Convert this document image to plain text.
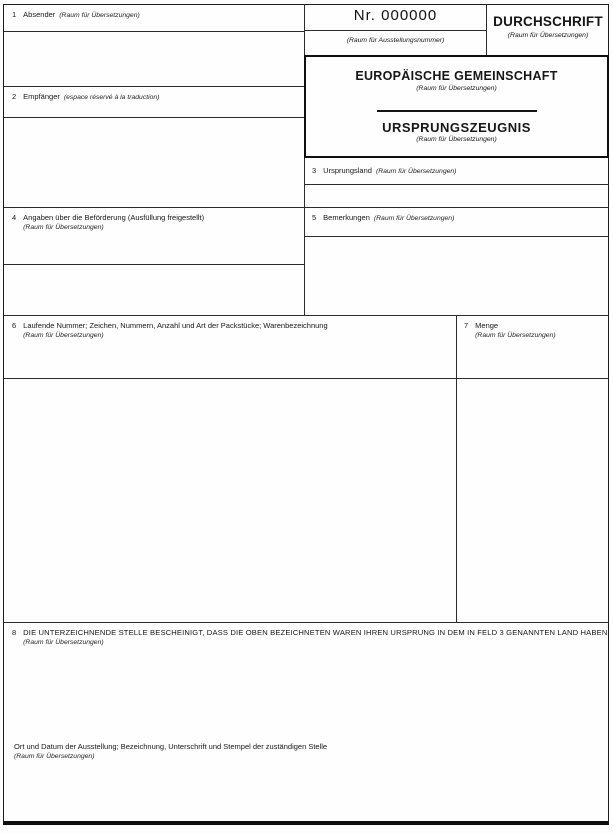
Nr. 000000
(Raum für Ausstellungsnummer)
DURCHSCHRIFT
(Raum für Übersetzungen)
EUROPÄISCHE GEMEINSCHAFT
(Raum für Übersetzungen)
URSPRUNGSZEUGNIS
(Raum für Übersetzungen)
1 Absender (Raum für Übersetzungen)
2 Empfänger (espace réservé à la traduction)
3 Ursprungsland (Raum für Übersetzungen)
4 Angaben über die Beförderung (Ausfüllung freigestellt)
(Raum für Übersetzungen)
5 Bemerkungen (Raum für Übersetzungen)
6 Laufende Nummer; Zeichen, Nummern, Anzahl und Art der Packstücke; Warenbezeichnung
(Raum für Übersetzungen)
7 Menge
(Raum für Übersetzungen)
8 DIE UNTERZEICHNENDE STELLE BESCHEINIGT, DASS DIE OBEN BEZEICHNETEN WAREN IHREN URSPRUNG IN DEM IN FELD 3 GENANNTEN LAND HABEN
(Raum für Übersetzungen)
Ort und Datum der Ausstellung; Bezeichnung, Unterschrift und Stempel der zuständigen Stelle
(Raum für Übersetzungen)
